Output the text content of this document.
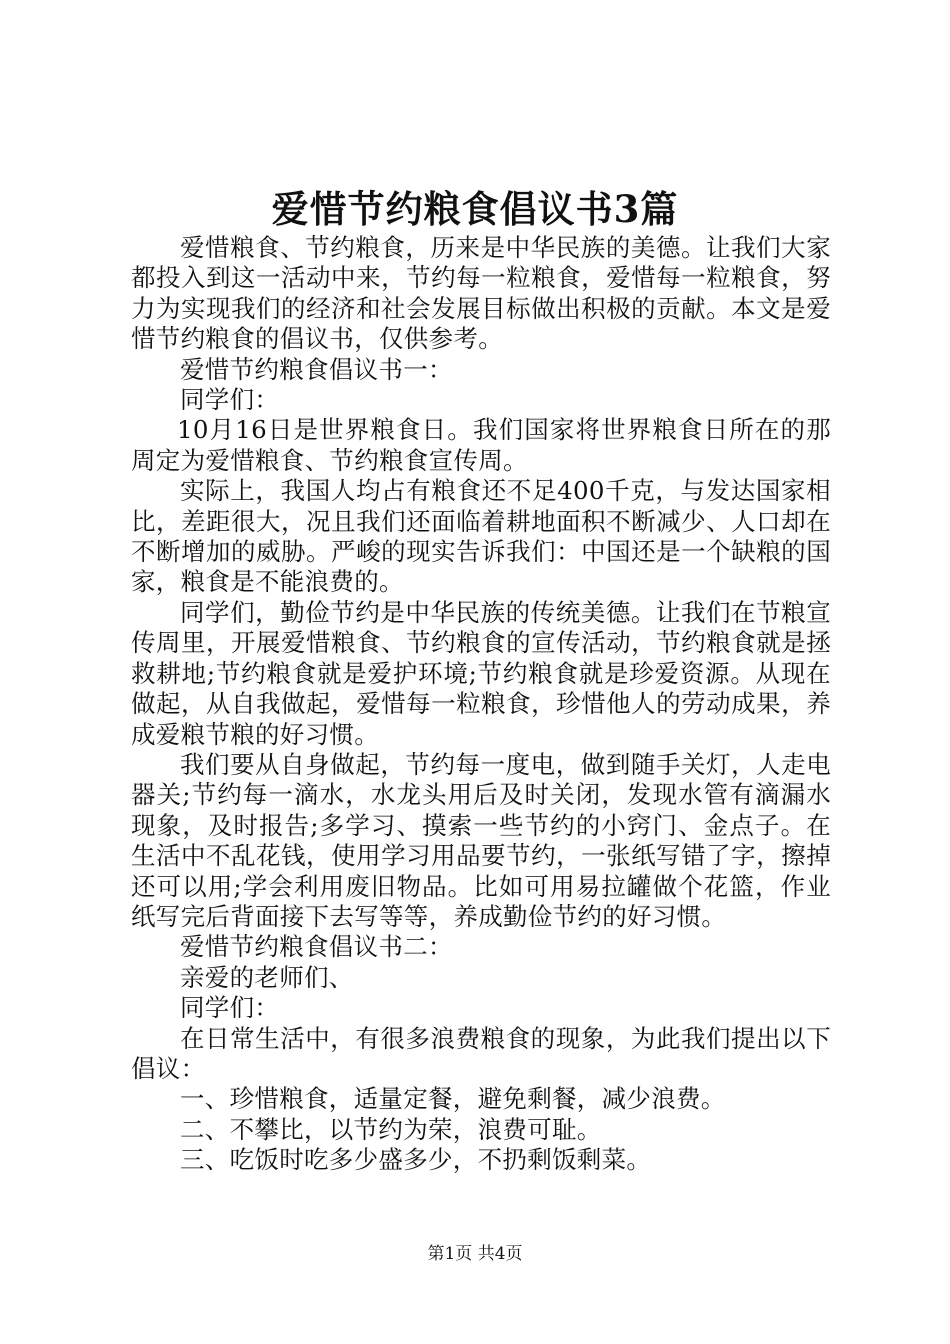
爱惜节约粮食倡议书3篇

爱惜粮食、节约粮食，历来是中华民族的美德。让我们大家都投入到这一活动中来，节约每一粒粮食，爱惜每一粒粮食，努力为实现我们的经济和社会发展目标做出积极的贡献。本文是爱惜节约粮食的倡议书，仅供参考。

爱惜节约粮食倡议书一：

同学们：

10月16日是世界粮食日。我们国家将世界粮食日所在的那周定为爱惜粮食、节约粮食宣传周。

实际上，我国人均占有粮食还不足400千克，与发达国家相比，差距很大，况且我们还面临着耕地面积不断减少、人口却在不断增加的威胁。严峻的现实告诉我们：中国还是一个缺粮的国家，粮食是不能浪费的。

同学们，勤俭节约是中华民族的传统美德。让我们在节粮宣传周里，开展爱惜粮食、节约粮食的宣传活动，节约粮食就是拯救耕地;节约粮食就是爱护环境;节约粮食就是珍爱资源。从现在做起，从自我做起，爱惜每一粒粮食，珍惜他人的劳动成果，养成爱粮节粮的好习惯。

我们要从自身做起，节约每一度电，做到随手关灯，人走电器关;节约每一滴水，水龙头用后及时关闭，发现水管有滴漏水现象，及时报告;多学习、摸索一些节约的小窍门、金点子。在生活中不乱花钱，使用学习用品要节约，一张纸写错了字，擦掉还可以用;学会利用废旧物品。比如可用易拉罐做个花篮，作业纸写完后背面接下去写等等，养成勤俭节约的好习惯。

爱惜节约粮食倡议书二：

亲爱的老师们、

同学们：

在日常生活中，有很多浪费粮食的现象，为此我们提出以下倡议：

一、珍惜粮食，适量定餐，避免剩餐，减少浪费。

二、不攀比，以节约为荣，浪费可耻。

三、吃饭时吃多少盛多少，不扔剩饭剩菜。

第1页 共4页
